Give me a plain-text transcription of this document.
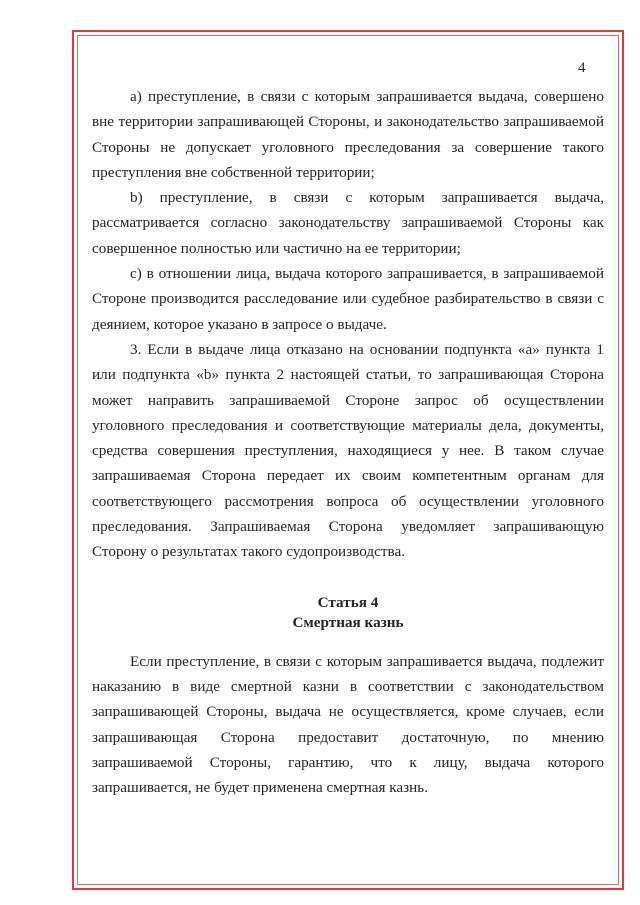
4

а) преступление, в связи с которым запрашивается выдача, совершено вне территории запрашивающей Стороны, и законодательство запрашиваемой Стороны не допускает уголовного преследования за совершение такого преступления вне собственной территории;

b) преступление, в связи с которым запрашивается выдача, рассматривается согласно законодательству запрашиваемой Стороны как совершенное полностью или частично на ее территории;

с) в отношении лица, выдача которого запрашивается, в запрашиваемой Стороне производится расследование или судебное разбирательство в связи с деянием, которое указано в запросе о выдаче.

3. Если в выдаче лица отказано на основании подпункта «а» пункта 1 или подпункта «b» пункта 2 настоящей статьи, то запрашивающая Сторона может направить запрашиваемой Стороне запрос об осуществлении уголовного преследования и соответствующие материалы дела, документы, средства совершения преступления, находящиеся у нее. В таком случае запрашиваемая Сторона передает их своим компетентным органам для соответствующего рассмотрения вопроса об осуществлении уголовного преследования. Запрашиваемая Сторона уведомляет запрашивающую Сторону о результатах такого судопроизводства.

Статья 4
Смертная казнь

Если преступление, в связи с которым запрашивается выдача, подлежит наказанию в виде смертной казни в соответствии с законодательством запрашивающей Стороны, выдача не осуществляется, кроме случаев, если запрашивающая Сторона предоставит достаточную, по мнению запрашиваемой Стороны, гарантию, что к лицу, выдача которого запрашивается, не будет применена смертная казнь.
